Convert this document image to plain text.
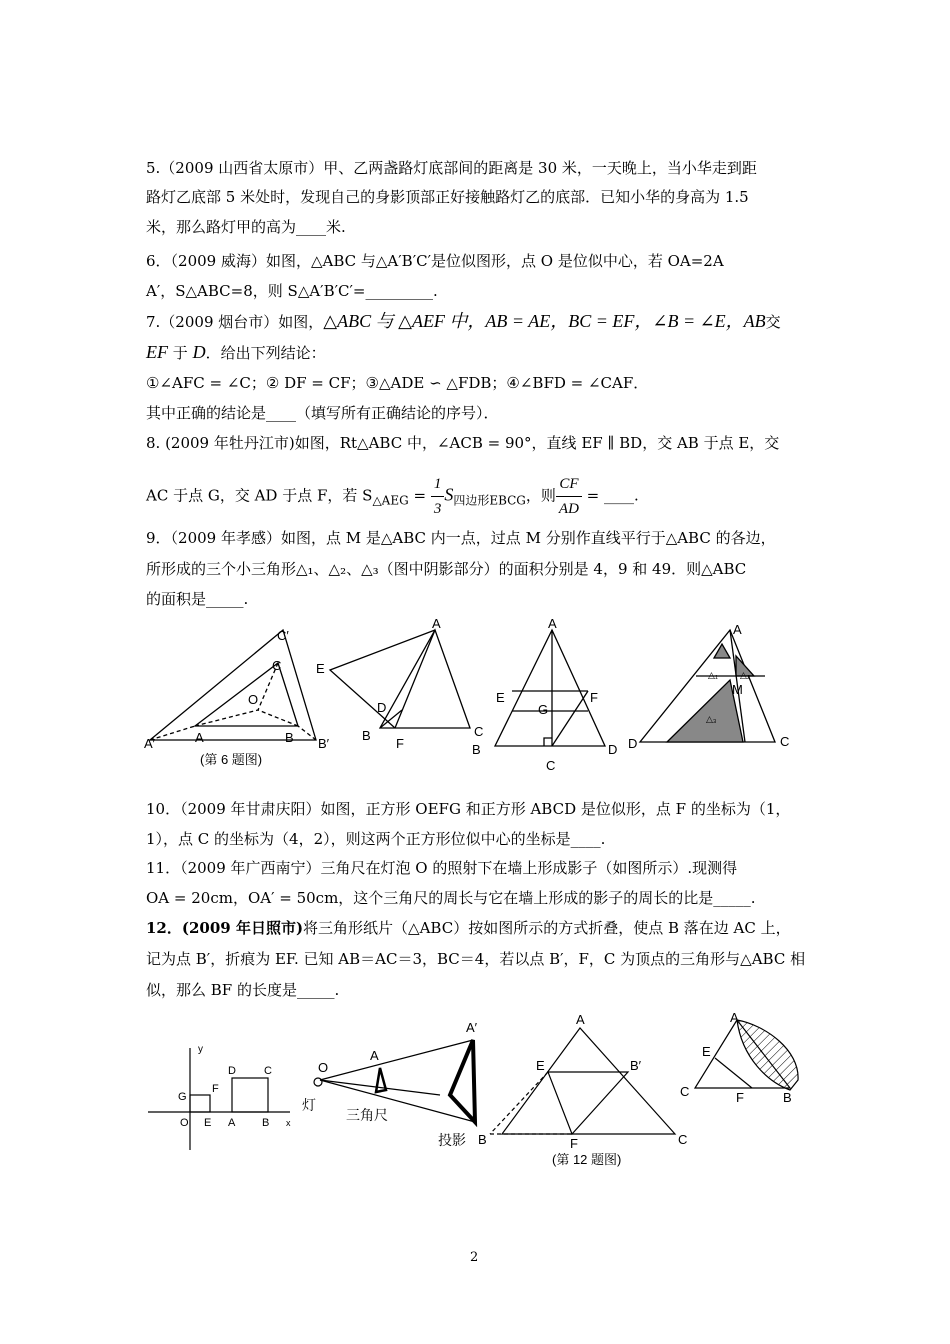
5.（2009 山西省太原市）甲、乙两盏路灯底部间的距离是 30 米，一天晚上，当小华走到距
路灯乙底部 5 米处时，发现自己的身影顶部正好接触路灯乙的底部．已知小华的身高为 1.5
米，那么路灯甲的高为____米.
6．（2009 威海）如图，△ABC 与△A′B′C′是位似图形，点 O 是位似中心，若 OA=2A
A′，S△ABC=8，则 S△A′B′C′=_________.
7.（2009 烟台市）如图，△ABC 与 △AEF 中，AB = AE，BC = EF，∠B = ∠E，AB交
EF 于 D．给出下列结论：
①∠AFC = ∠C；② DF = CF；③△ADE ∽ △FDB；④∠BFD = ∠CAF．
其中正确的结论是____（填写所有正确结论的序号）．
8. (2009 年牡丹江市)如图，Rt△ABC 中，∠ACB = 90°，直线 EF ∥ BD，交 AB 于点 E，交
AC 于点 G，交 AD 于点 F，若 $S_{\triangle AEG} = \frac{1}{3} S_{四边形EBCG}$，则 $\frac{CF}{AD}$ = ____.
9．（2009 年孝感）如图，点 M 是△ABC 内一点，过点 M 分别作直线平行于△ABC 的各边，
所形成的三个小三角形△₁、△₂、△₃（图中阴影部分）的面积分别是 4，9 和 49．则△ABC
的面积是_____.
C′
C
O
A	B
A′	B′
(第 6 题图)
A
E
D
B
F
C
A
E	F
G
B
C
D
A
M
D	C
△₁ △₂
△₃
10．（2009 年甘肃庆阳）如图，正方形 OEFG 和正方形 ABCD 是位似形，点 F 的坐标为（1，
1），点 C 的坐标为（4，2），则这两个正方形位似中心的坐标是____.
11．（2009 年广西南宁）三角尺在灯泡 O 的照射下在墙上形成影子（如图所示）.现测得
OA = 20cm，OA′ = 50cm，这个三角尺的周长与它在墙上形成的影子的周长的比是_____.
12．(2009 年日照市)将三角形纸片（△ABC）按如图所示的方式折叠，使点 B 落在边 AC 上，
记为点 B′，折痕为 EF. 已知 AB＝AC＝3，BC＝4，若以点 B′，F，C 为顶点的三角形与△ABC 相
似，那么 BF 的长度是_____.
y
D	C
G
F
O E A B x
A′
O
A
灯
三角尺
投影
A
E	B′
B	F	C
(第 12 题图)
A
E
C	F	B
2
